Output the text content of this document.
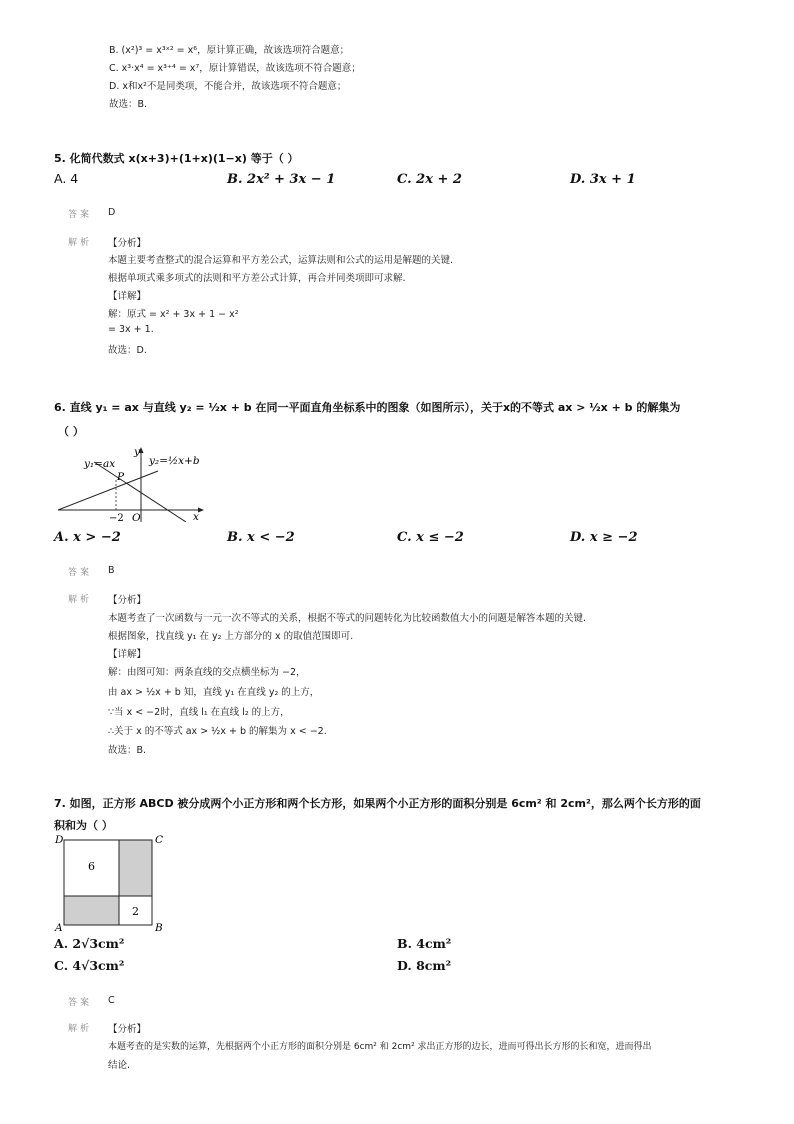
B. (x²)³ = x³ˣ² = x⁶，原计算正确，故该选项符合题意；
C. x³·x⁴ = x³⁺⁴ = x⁷，原计算错误，故该选项不符合题意；
D. x和x²不是同类项，不能合并，故该选项不符合题意；
故选：B.
5. 化简代数式 x(x+3)+(1+x)(1−x) 等于（ ）
A. 4	B. 2x² + 3x − 1	C. 2x + 2	D. 3x + 1
答案 D
解析 【分析】
本题主要考查整式的混合运算和平方差公式，运算法则和公式的运用是解题的关键.
根据单项式乘多项式的法则和平方差公式计算，再合并同类项即可求解.
【详解】
解：原式 = x² + 3x + 1 − x²
= 3x + 1.
故选：D.
6. 直线 y₁ = ax 与直线 y₂ = ½x + b 在同一平面直角坐标系中的图象（如图所示），关于x的不等式 ax > ½x + b 的解集为
（ ）
y₁=ax	y₂=½x+b
P
y
x
O
−2
A. x > −2	B. x < −2	C. x ≤ −2	D. x ≥ −2
答案 B
解析 【分析】
本题考查了一次函数与一元一次不等式的关系，根据不等式的问题转化为比较函数值大小的问题是解答本题的关键.
根据图象，找直线 y₁ 在 y₂ 上方部分的 x 的取值范围即可.
【详解】
解：由图可知：两条直线的交点横坐标为 −2，
由 ax > ½x + b 知，直线 y₁ 在直线 y₂ 的上方，
∵当 x < −2时，直线 l₁ 在直线 l₂ 的上方，
∴关于 x 的不等式 ax > ½x + b 的解集为 x < −2.
故选：B.
7. 如图，正方形 ABCD 被分成两个小正方形和两个长方形，如果两个小正方形的面积分别是 6cm² 和 2cm²，那么两个长方形的面
积和为（ ）
6
2
D	C
A	B
A. 2√3cm²	B. 4cm²
C. 4√3cm²	D. 8cm²
答案 C
解析 【分析】
本题考查的是实数的运算，先根据两个小正方形的面积分别是 6cm² 和 2cm² 求出正方形的边长，进而可得出长方形的长和宽，进而得出
结论.
